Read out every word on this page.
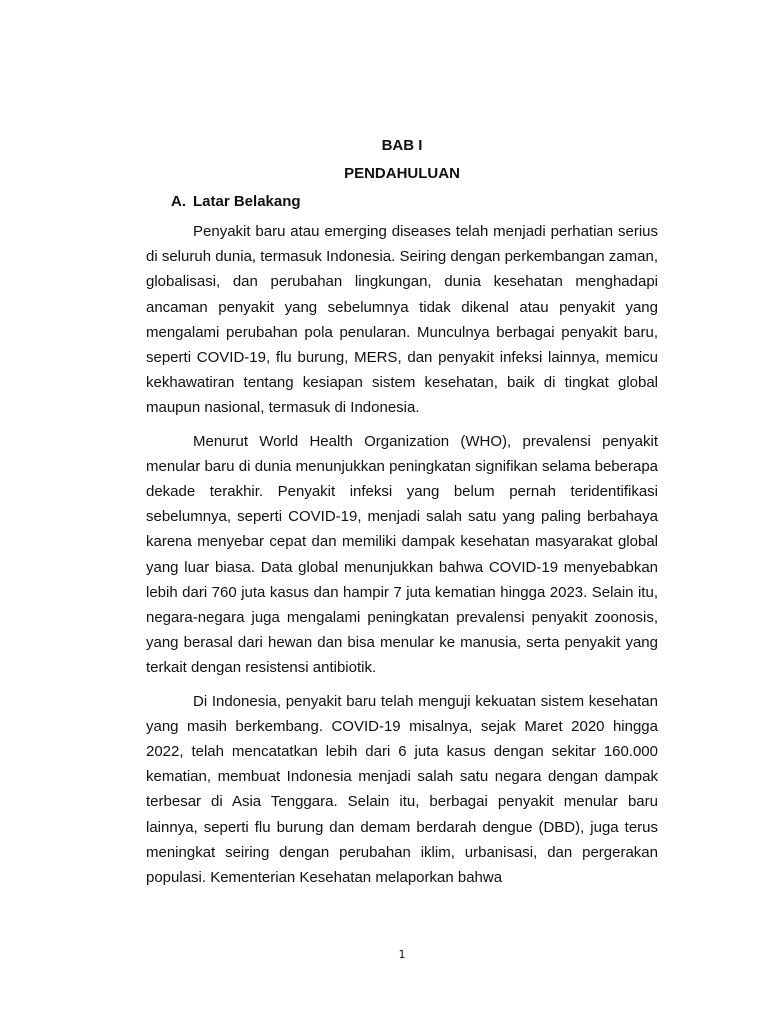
BAB I
PENDAHULUAN
A. Latar Belakang

Penyakit baru atau emerging diseases telah menjadi perhatian serius di seluruh dunia, termasuk Indonesia. Seiring dengan perkembangan zaman, globalisasi, dan perubahan lingkungan, dunia kesehatan menghadapi ancaman penyakit yang sebelumnya tidak dikenal atau penyakit yang mengalami perubahan pola penularan. Munculnya berbagai penyakit baru, seperti COVID-19, flu burung, MERS, dan penyakit infeksi lainnya, memicu kekhawatiran tentang kesiapan sistem kesehatan, baik di tingkat global maupun nasional, termasuk di Indonesia.

Menurut World Health Organization (WHO), prevalensi penyakit menular baru di dunia menunjukkan peningkatan signifikan selama beberapa dekade terakhir. Penyakit infeksi yang belum pernah teridentifikasi sebelumnya, seperti COVID-19, menjadi salah satu yang paling berbahaya karena menyebar cepat dan memiliki dampak kesehatan masyarakat global yang luar biasa. Data global menunjukkan bahwa COVID-19 menyebabkan lebih dari 760 juta kasus dan hampir 7 juta kematian hingga 2023. Selain itu, negara-negara juga mengalami peningkatan prevalensi penyakit zoonosis, yang berasal dari hewan dan bisa menular ke manusia, serta penyakit yang terkait dengan resistensi antibiotik.

Di Indonesia, penyakit baru telah menguji kekuatan sistem kesehatan yang masih berkembang. COVID-19 misalnya, sejak Maret 2020 hingga 2022, telah mencatatkan lebih dari 6 juta kasus dengan sekitar 160.000 kematian, membuat Indonesia menjadi salah satu negara dengan dampak terbesar di Asia Tenggara. Selain itu, berbagai penyakit menular baru lainnya, seperti flu burung dan demam berdarah dengue (DBD), juga terus meningkat seiring dengan perubahan iklim, urbanisasi, dan pergerakan populasi. Kementerian Kesehatan melaporkan bahwa

1
